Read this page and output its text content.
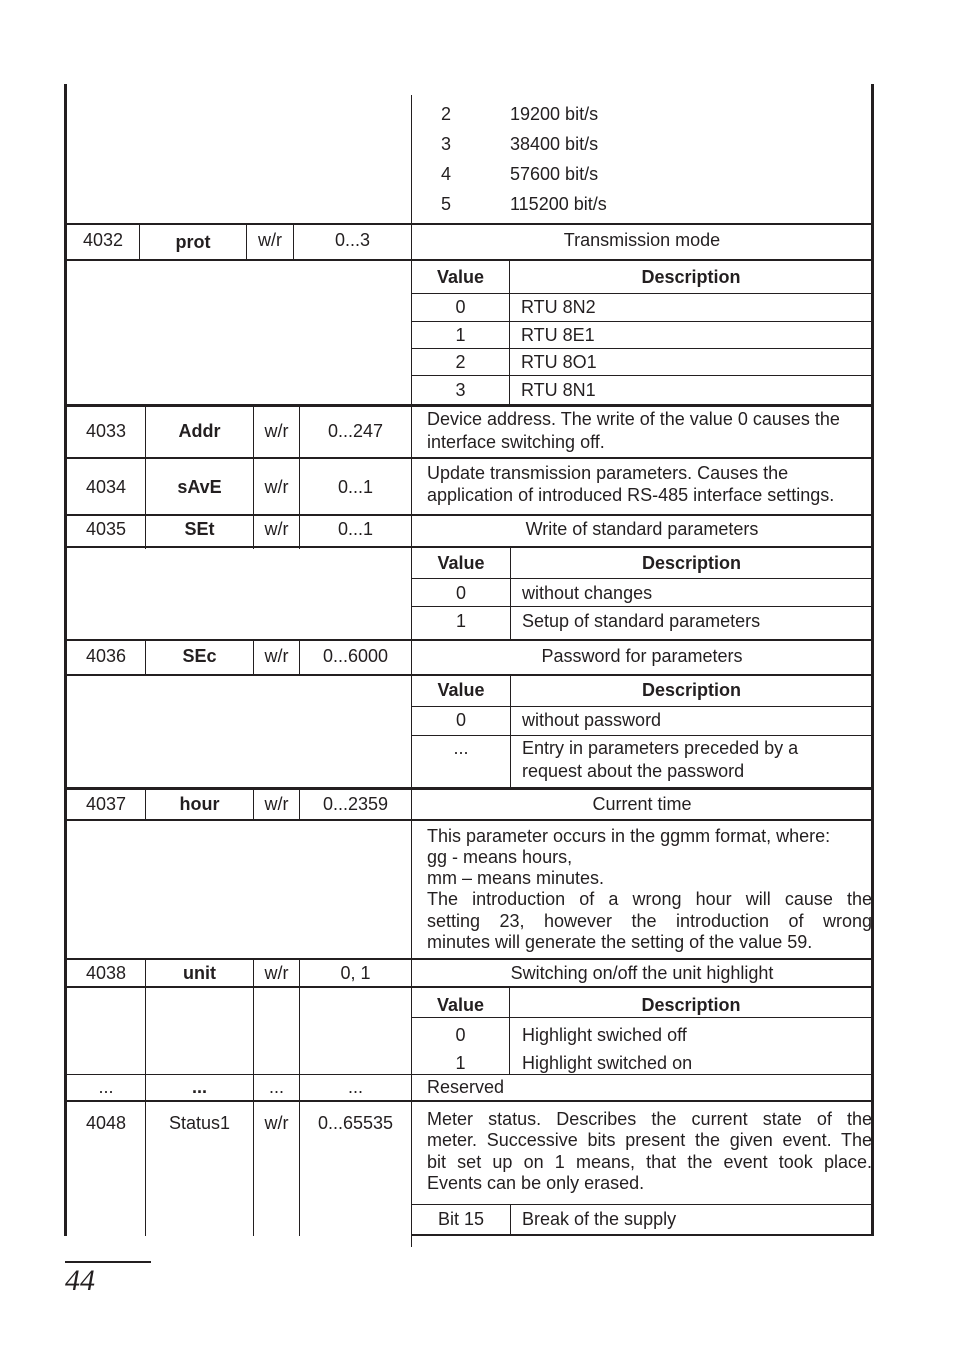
2	19200 bit/s
3	38400 bit/s
4	57600 bit/s
5	115200 bit/s
4032	prot	w/r	0...3	Transmission mode
Value	Description
0	RTU 8N2
1	RTU 8E1
2	RTU 8O1
3	RTU 8N1
4033	Addr	w/r	0...247
Device address. The write of the value 0 causes the
interface switching off.
4034	sAvE	w/r	0...1
Update transmission parameters. Causes the
application of introduced RS-485 interface settings.
4035	SEt	w/r	0...1	Write of standard parameters
Value	Description
0	without changes
1	Setup of standard parameters
4036	SEc	w/r	0...6000	Password for parameters
Value	Description
0	without password
...	Entry in parameters preceded by a
request about the password
4037	hour	w/r	0...2359	Current time
This parameter occurs in the ggmm format, where:
gg - means hours,
mm – means minutes.
The introduction of a wrong hour will cause the
setting 23, however the introduction of wrong
minutes will generate the setting of the value 59.
4038	unit	w/r	0, 1	Switching on/off the unit highlight
Value	Description
0	Highlight swiched off
1	Highlight switched on
...	...	...	...	Reserved
4048	Status1	w/r	0...65535	Meter status. Describes the current state of the
meter. Successive bits present the given event. The
bit set up on 1 means, that the event took place.
Events can be only erased.
Bit 15	Break of the supply
44
